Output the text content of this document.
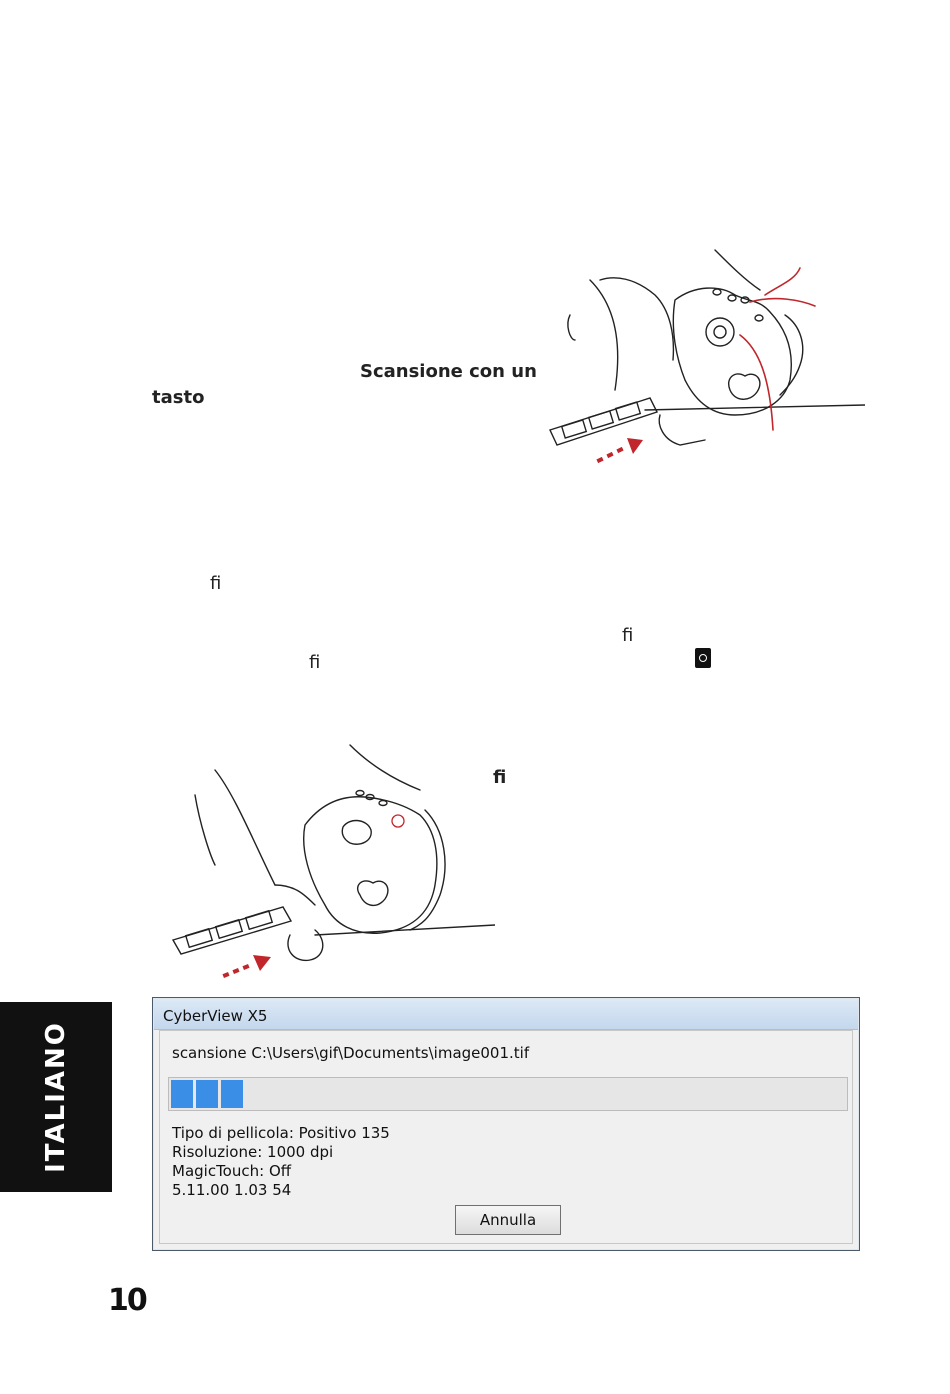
Scansione con un
tasto
ﬁ
ﬁ
ﬁ
ﬁ
ITALIANO
CyberView X5
scansione C:\Users\gif\Documents\image001.tif
Tipo di pellicola: Positivo 135
Risoluzione: 1000 dpi
MagicTouch: Off
5.11.00 1.03 54
Annulla
10
